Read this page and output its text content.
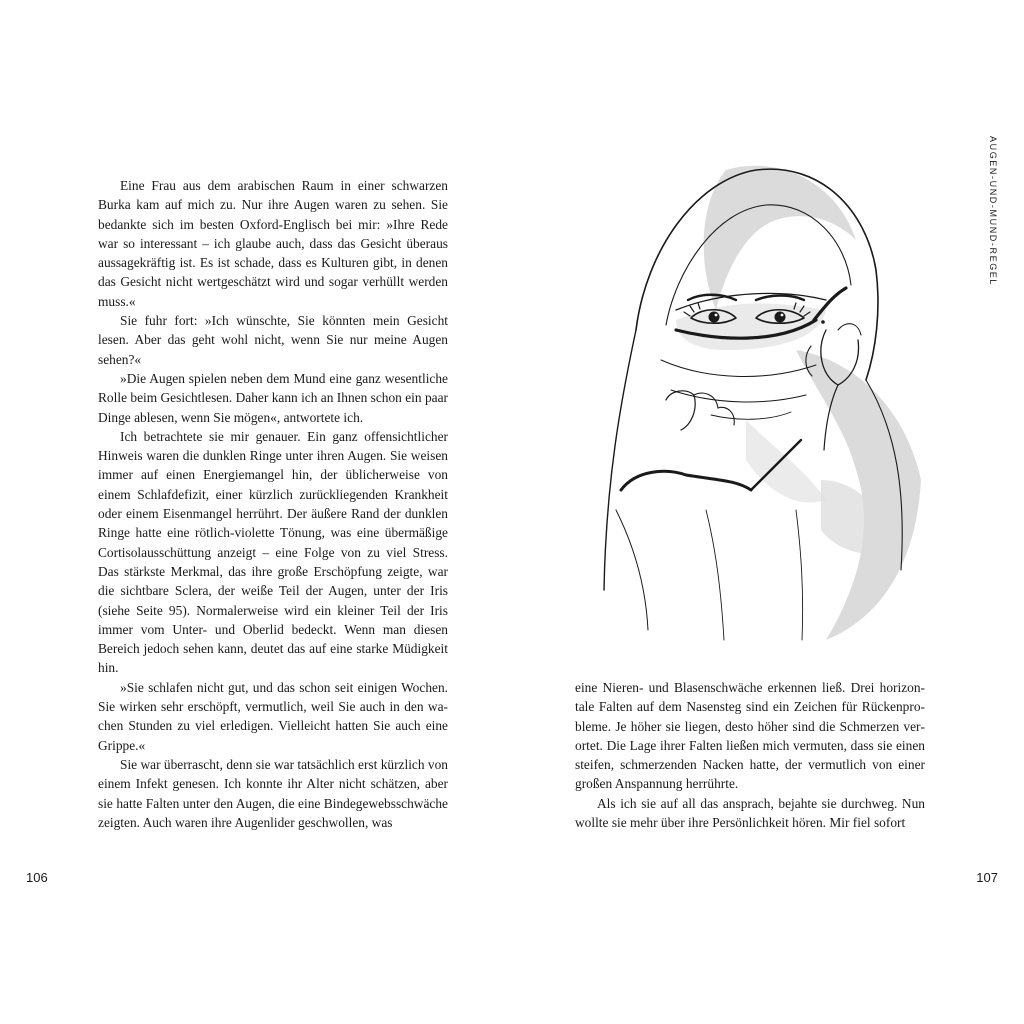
Eine Frau aus dem arabischen Raum in einer schwarzen Burka kam auf mich zu. Nur ihre Augen waren zu sehen. Sie bedankte sich im besten Oxford-Englisch bei mir: »Ihre Rede war so interessant – ich glaube auch, dass das Gesicht überaus aussagekräftig ist. Es ist schade, dass es Kulturen gibt, in denen das Gesicht nicht wertgeschätzt wird und sogar verhüllt werden muss.«

Sie fuhr fort: »Ich wünschte, Sie könnten mein Gesicht lesen. Aber das geht wohl nicht, wenn Sie nur meine Augen sehen?«

»Die Augen spielen neben dem Mund eine ganz wesentliche Rolle beim Gesichtlesen. Daher kann ich an Ihnen schon ein paar Dinge ablesen, wenn Sie mögen«, antwortete ich.

Ich betrachtete sie mir genauer. Ein ganz offensichtlicher Hinweis waren die dunklen Ringe unter ihren Augen. Sie weisen immer auf einen Energiemangel hin, der üblicherweise von einem Schlafdefizit, einer kürzlich zurückliegenden Krankheit oder einem Eisenmangel herrührt. Der äußere Rand der dunklen Ringe hatte eine rötlich-violette Tönung, was eine übermäßige Cortisolausschüttung anzeigt – eine Folge von zu viel Stress. Das stärkste Merkmal, das ihre große Erschöpfung zeigte, war die sichtbare Sclera, der weiße Teil der Augen, unter der Iris (siehe Seite 95). Normalerweise wird ein kleiner Teil der Iris immer vom Unter- und Oberlid bedeckt. Wenn man diesen Bereich jedoch sehen kann, deutet das auf eine starke Müdigkeit hin.

»Sie schlafen nicht gut, und das schon seit einigen Wochen. Sie wirken sehr erschöpft, vermutlich, weil Sie auch in den wachen Stunden zu viel erledigen. Vielleicht hatten Sie auch eine Grippe.«

Sie war überrascht, denn sie war tatsächlich erst kürzlich von einem Infekt genesen. Ich konnte ihr Alter nicht schätzen, aber sie hatte Falten unter den Augen, die eine Bindegewebsschwäche zeigten. Auch waren ihre Augenlider geschwollen, was

106
AUGEN-UND-MUND-REGEL

eine Nieren- und Blasenschwäche erkennen ließ. Drei horizontale Falten auf dem Nasensteg sind ein Zeichen für Rückenprobleme. Je höher sie liegen, desto höher sind die Schmerzen verortet. Die Lage ihrer Falten ließen mich vermuten, dass sie einen steifen, schmerzenden Nacken hatte, der vermutlich von einer großen Anspannung herrührte.

Als ich sie auf all das ansprach, bejahte sie durchweg. Nun wollte sie mehr über ihre Persönlichkeit hören. Mir fiel sofort

107
